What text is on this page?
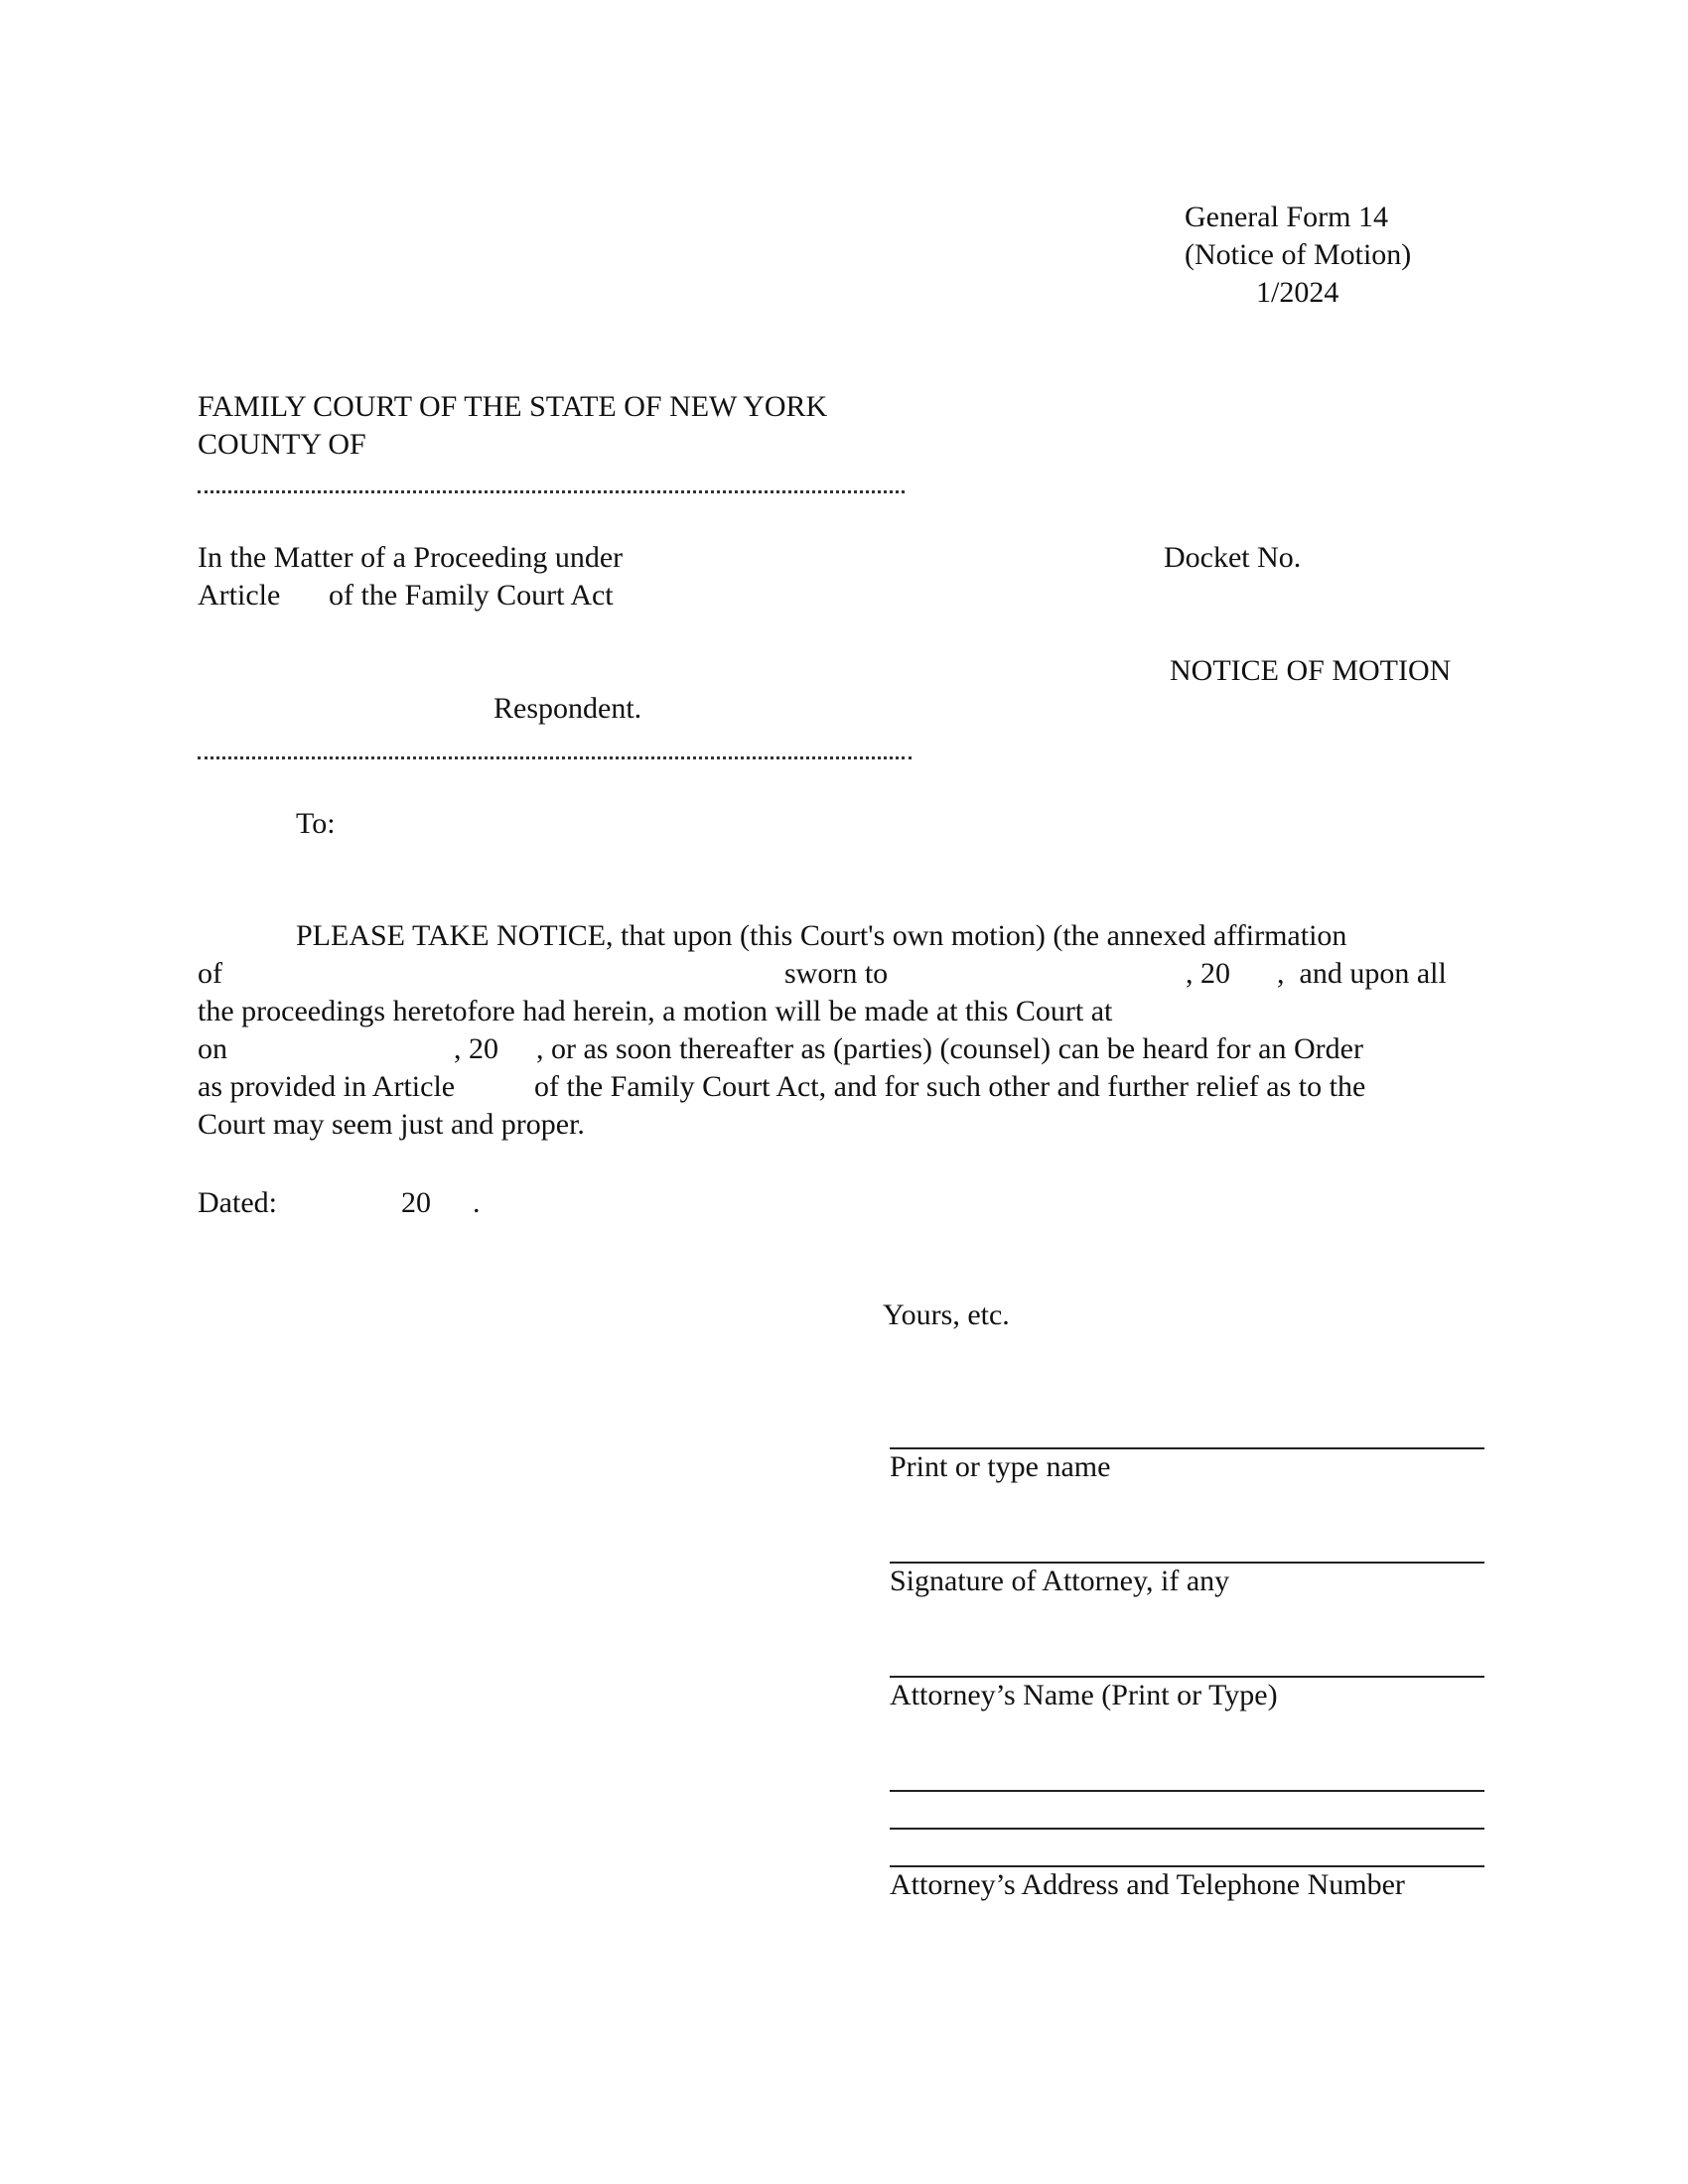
General Form 14
(Notice of Motion)
1/2024
FAMILY COURT OF THE STATE OF NEW YORK
COUNTY OF
In the Matter of a Proceeding under
Article of the Family Court Act
Docket No.
NOTICE OF MOTION
Respondent.
To:
PLEASE TAKE NOTICE, that upon (this Court's own motion) (the annexed affirmation
of	sworn to	, 20 ,  and upon all
the proceedings heretofore had herein, a motion will be made at this Court at
on	, 20 , or as soon thereafter as (parties) (counsel) can be heard for an Order
as provided in Article	of the Family Court Act, and for such other and further relief as to the
Court may seem just and proper.
Dated:	20 .
Yours, etc.
Print or type name
Signature of Attorney, if any
Attorney’s Name (Print or Type)
Attorney’s Address and Telephone Number
